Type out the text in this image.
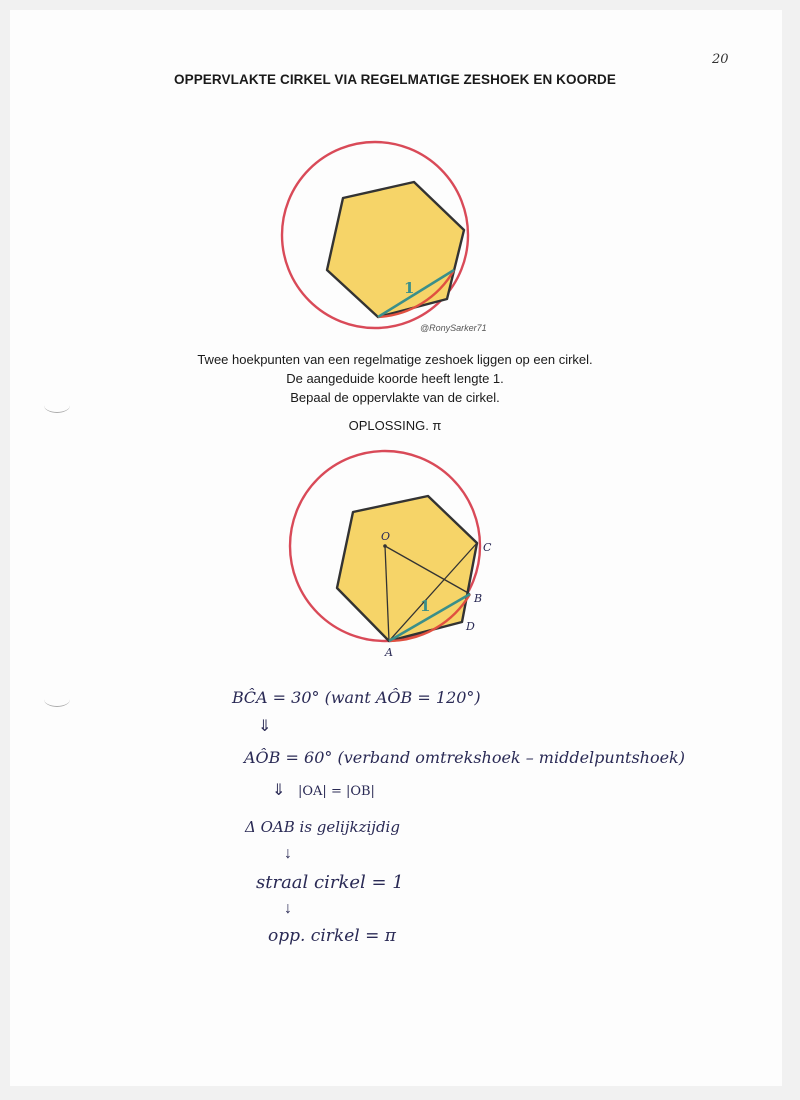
20
OPPERVLAKTE CIRKEL VIA REGELMATIGE ZESHOEK EN KOORDE
1
@RonySarker71
Twee hoekpunten van een regelmatige zeshoek liggen op een cirkel.
De aangeduide koorde heeft lengte 1.
Bepaal de oppervlakte van de cirkel.
OPLOSSING. π
O
C
B
D
A
1
BĈA = 30° (want AÔB = 120°)
⇓
AÔB = 60° (verband omtrekshoek – middelpuntshoek)
⇓ |OA| = |OB|
Δ OAB is gelijkzijdig
↓
straal cirkel = 1
↓
opp. cirkel = π
